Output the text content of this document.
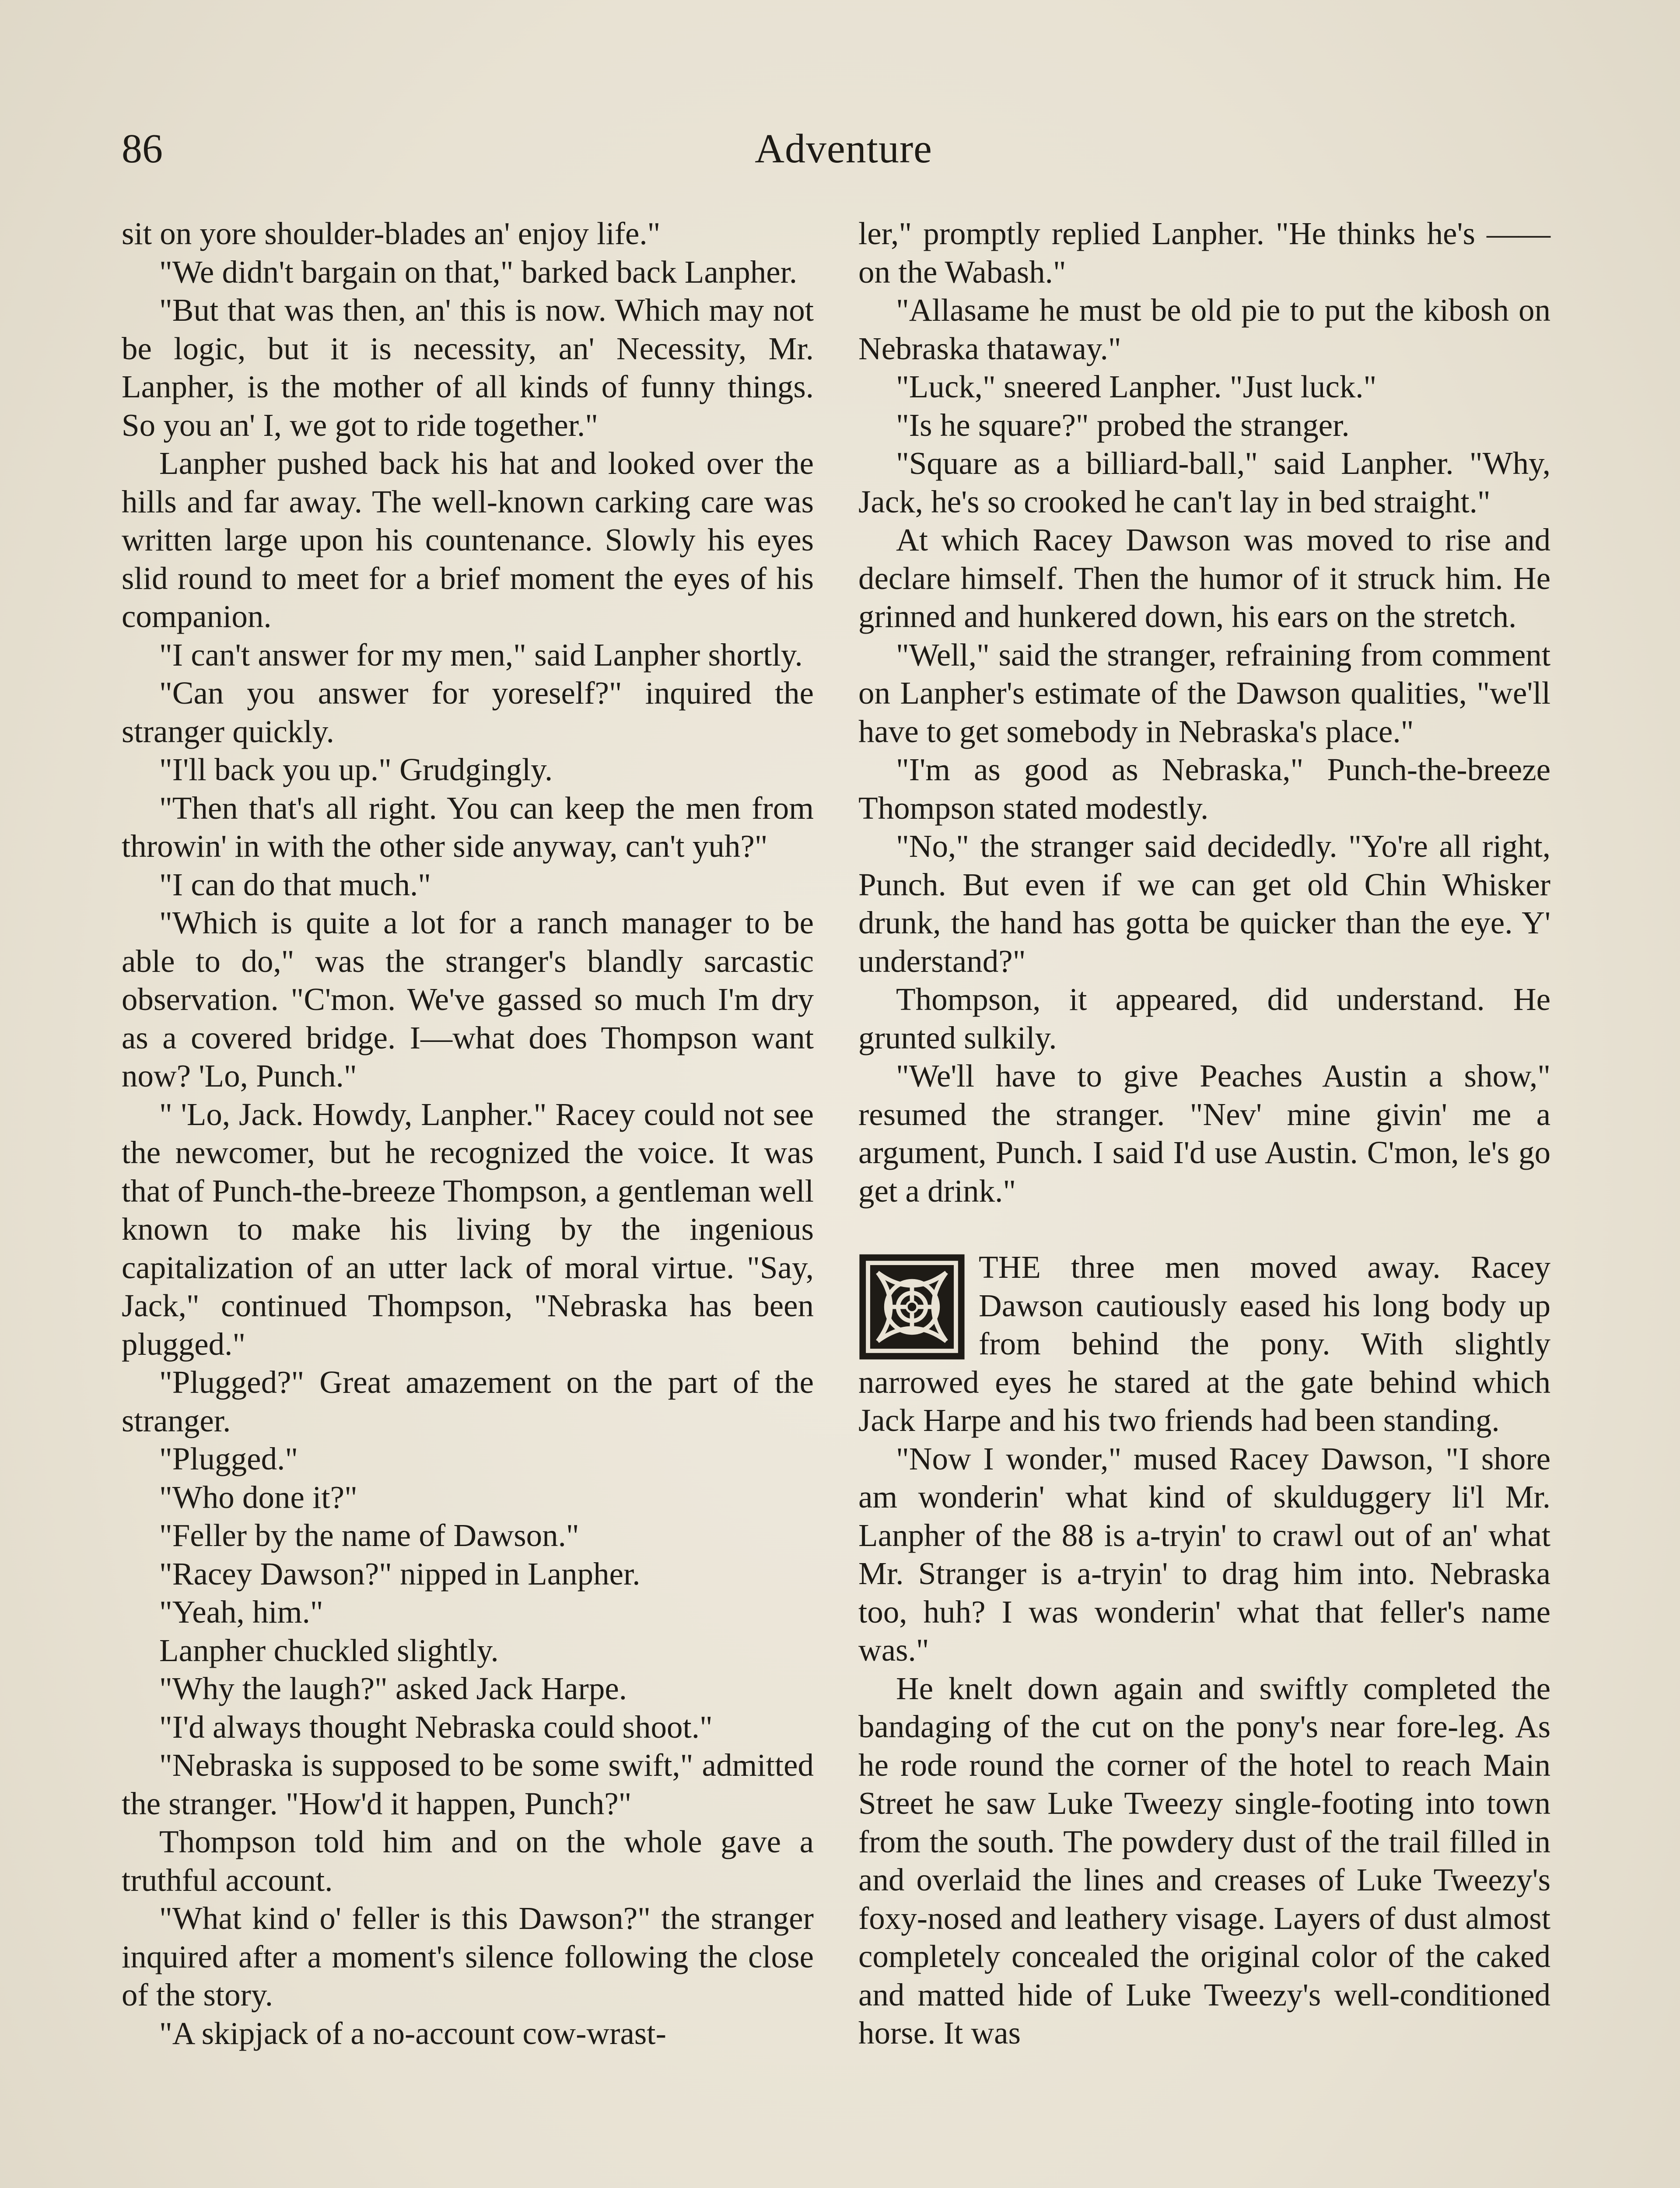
86	Adventure

sit on yore shoulder-blades an' enjoy life."

"We didn't bargain on that," barked back Lanpher.

"But that was then, an' this is now. Which may not be logic, but it is necessity, an' Necessity, Mr. Lanpher, is the mother of all kinds of funny things. So you an' I, we got to ride together."

Lanpher pushed back his hat and looked over the hills and far away. The well-known carking care was written large upon his countenance. Slowly his eyes slid round to meet for a brief moment the eyes of his companion.

"I can't answer for my men," said Lanpher shortly.

"Can you answer for yoreself?" inquired the stranger quickly.

"I'll back you up." Grudgingly.

"Then that's all right. You can keep the men from throwin' in with the other side anyway, can't yuh?"

"I can do that much."

"Which is quite a lot for a ranch manager to be able to do," was the stranger's blandly sarcastic observation. "C'mon. We've gassed so much I'm dry as a covered bridge. I—what does Thompson want now? 'Lo, Punch."

" 'Lo, Jack. Howdy, Lanpher." Racey could not see the newcomer, but he recognized the voice. It was that of Punch-the-breeze Thompson, a gentleman well known to make his living by the ingenious capitalization of an utter lack of moral virtue. "Say, Jack," continued Thompson, "Nebraska has been plugged."

"Plugged?" Great amazement on the part of the stranger.

"Plugged."

"Who done it?"

"Feller by the name of Dawson."

"Racey Dawson?" nipped in Lanpher.

"Yeah, him."

Lanpher chuckled slightly.

"Why the laugh?" asked Jack Harpe.

"I'd always thought Nebraska could shoot."

"Nebraska is supposed to be some swift," admitted the stranger. "How'd it happen, Punch?"

Thompson told him and on the whole gave a truthful account.

"What kind o' feller is this Dawson?" the stranger inquired after a moment's silence following the close of the story.

"A skipjack of a no-account cow-wrast-

ler," promptly replied Lanpher. "He thinks he's —— on the Wabash."

"Allasame he must be old pie to put the kibosh on Nebraska thataway."

"Luck," sneered Lanpher. "Just luck."

"Is he square?" probed the stranger.

"Square as a billiard-ball," said Lanpher. "Why, Jack, he's so crooked he can't lay in bed straight."

At which Racey Dawson was moved to rise and declare himself. Then the humor of it struck him. He grinned and hunkered down, his ears on the stretch.

"Well," said the stranger, refraining from comment on Lanpher's estimate of the Dawson qualities, "we'll have to get somebody in Nebraska's place."

"I'm as good as Nebraska," Punch-the-breeze Thompson stated modestly.

"No," the stranger said decidedly. "Yo're all right, Punch. But even if we can get old Chin Whisker drunk, the hand has gotta be quicker than the eye. Y' understand?"

Thompson, it appeared, did understand. He grunted sulkily.

"We'll have to give Peaches Austin a show," resumed the stranger. "Nev' mine givin' me a argument, Punch. I said I'd use Austin. C'mon, le's go get a drink."

THE three men moved away. Racey Dawson cautiously eased his long body up from behind the pony. With slightly narrowed eyes he stared at the gate behind which Jack Harpe and his two friends had been standing.

"Now I wonder," mused Racey Dawson, "I shore am wonderin' what kind of skulduggery li'l Mr. Lanpher of the 88 is a-tryin' to crawl out of an' what Mr. Stranger is a-tryin' to drag him into. Nebraska too, huh? I was wonderin' what that feller's name was."

He knelt down again and swiftly completed the bandaging of the cut on the pony's near fore-leg. As he rode round the corner of the hotel to reach Main Street he saw Luke Tweezy single-footing into town from the south. The powdery dust of the trail filled in and overlaid the lines and creases of Luke Tweezy's foxy-nosed and leathery visage. Layers of dust almost completely concealed the original color of the caked and matted hide of Luke Tweezy's well-conditioned horse. It was
